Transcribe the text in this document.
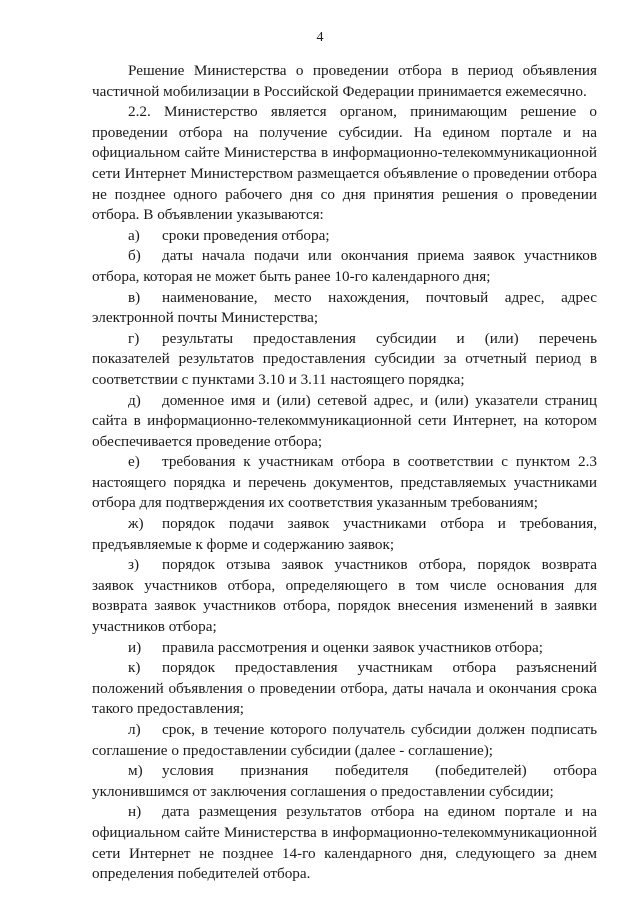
4

Решение Министерства о проведении отбора в период объявления частичной мобилизации в Российской Федерации принимается ежемесячно.

2.2. Министерство является органом, принимающим решение о проведении отбора на получение субсидии. На едином портале и на официальном сайте Министерства в информационно-телекоммуникационной сети Интернет Министерством размещается объявление о проведении отбора не позднее одного рабочего дня со дня принятия решения о проведении отбора. В объявлении указываются:

а) сроки проведения отбора;

б) даты начала подачи или окончания приема заявок участников отбора, которая не может быть ранее 10-го календарного дня;

в) наименование, место нахождения, почтовый адрес, адрес электронной почты Министерства;

г) результаты предоставления субсидии и (или) перечень показателей результатов предоставления субсидии за отчетный период в соответствии с пунктами 3.10 и 3.11 настоящего порядка;

д) доменное имя и (или) сетевой адрес, и (или) указатели страниц сайта в информационно-телекоммуникационной сети Интернет, на котором обеспечивается проведение отбора;

е) требования к участникам отбора в соответствии с пунктом 2.3 настоящего порядка и перечень документов, представляемых участниками отбора для подтверждения их соответствия указанным требованиям;

ж) порядок подачи заявок участниками отбора и требования, предъявляемые к форме и содержанию заявок;

з) порядок отзыва заявок участников отбора, порядок возврата заявок участников отбора, определяющего в том числе основания для возврата заявок участников отбора, порядок внесения изменений в заявки участников отбора;

и) правила рассмотрения и оценки заявок участников отбора;

к) порядок предоставления участникам отбора разъяснений положений объявления о проведении отбора, даты начала и окончания срока такого предоставления;

л) срок, в течение которого получатель субсидии должен подписать соглашение о предоставлении субсидии (далее - соглашение);

м) условия признания победителя (победителей) отбора уклонившимся от заключения соглашения о предоставлении субсидии;

н) дата размещения результатов отбора на едином портале и на официальном сайте Министерства в информационно-телекоммуникационной сети Интернет не позднее 14-го календарного дня, следующего за днем определения победителей отбора.
